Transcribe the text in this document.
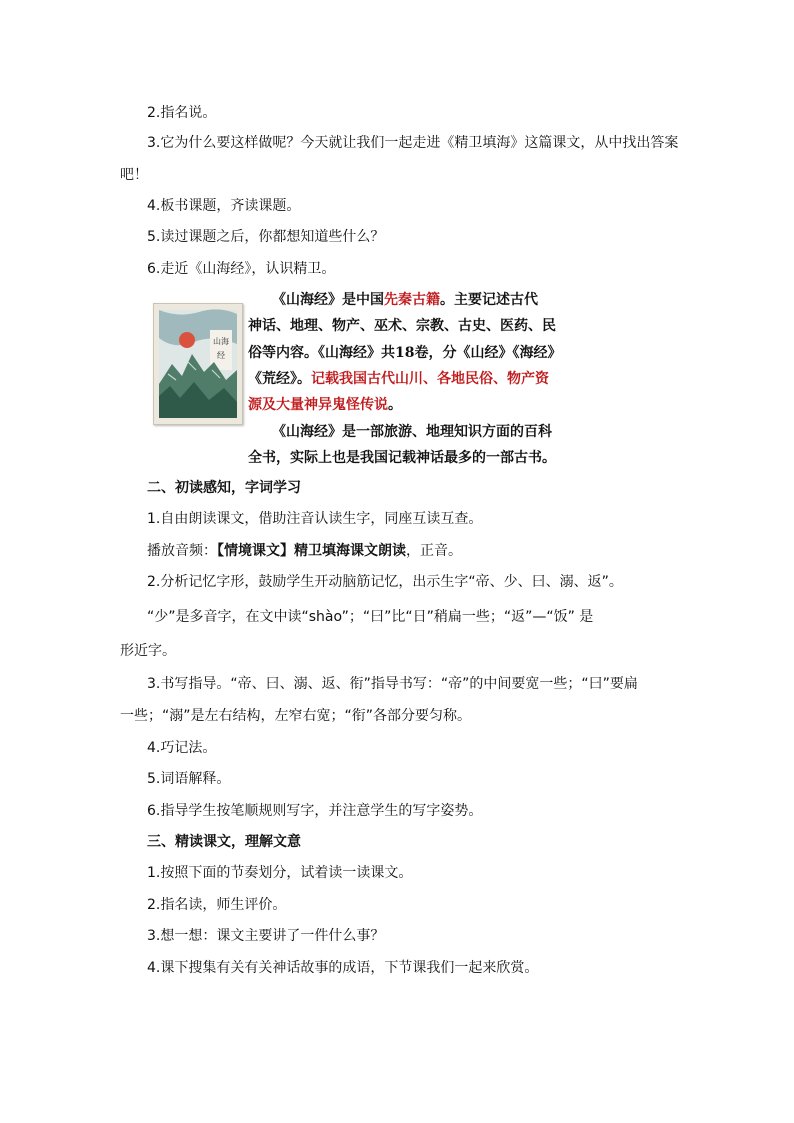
2.指名说。
3.它为什么要这样做呢？今天就让我们一起走进《精卫填海》这篇课文，从中找出答案
吧！
4.板书课题，齐读课题。
5.读过课题之后，你都想知道些什么？
6.走近《山海经》，认识精卫。
山海
经
《山海经》是中国先秦古籍。主要记述古代
神话、地理、物产、巫术、宗教、古史、医药、民
俗等内容。《山海经》共18卷，分《山经》《海经》
《荒经》。记载我国古代山川、各地民俗、物产资
源及大量神异鬼怪传说。
《山海经》是一部旅游、地理知识方面的百科
全书，实际上也是我国记载神话最多的一部古书。
二、初读感知，字词学习
1.自由朗读课文，借助注音认读生字，同座互读互查。
播放音频：【情境课文】精卫填海课文朗读，正音。
2.分析记忆字形，鼓励学生开动脑筋记忆，出示生字“帝、少、曰、溺、返”。
“少”是多音字，在文中读“shào”；“曰”比“日”稍扁一些；“返”—“饭” 是
形近字。
3.书写指导。“帝、曰、溺、返、衔”指导书写：“帝”的中间要宽一些；“曰”要扁
一些；“溺”是左右结构，左窄右宽；“衔”各部分要匀称。
4.巧记法。
5.词语解释。
6.指导学生按笔顺规则写字，并注意学生的写字姿势。
三、精读课文，理解文意
1.按照下面的节奏划分，试着读一读课文。
2.指名读，师生评价。
3.想一想：课文主要讲了一件什么事？
4.课下搜集有关有关神话故事的成语，下节课我们一起来欣赏。
